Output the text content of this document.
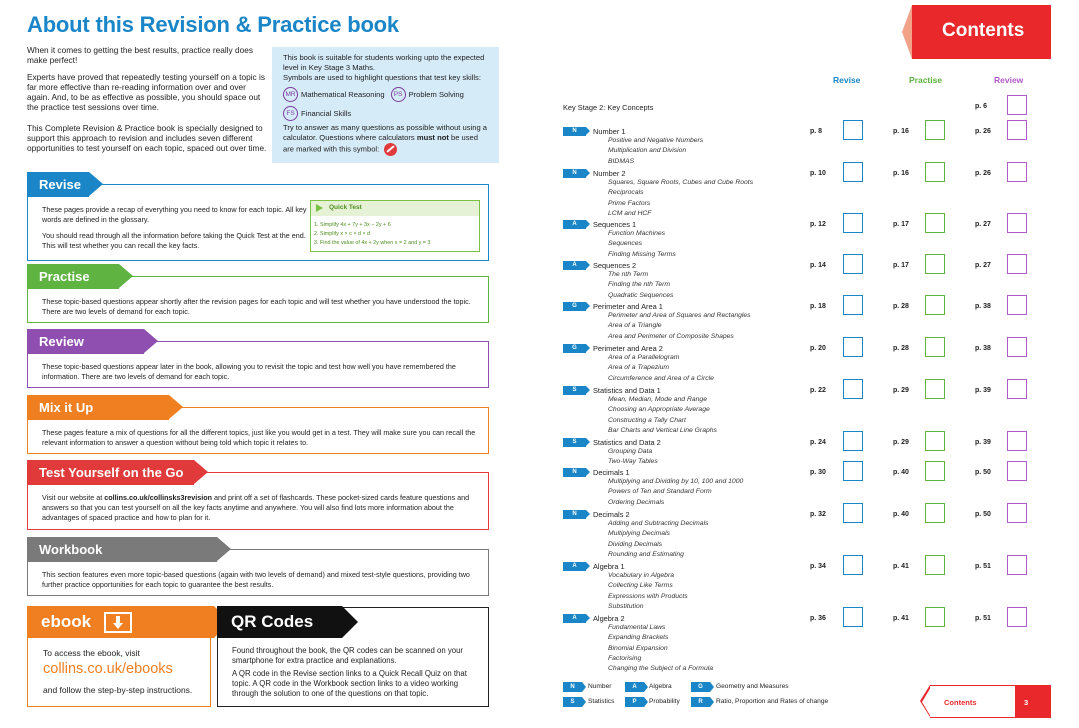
About this Revision & Practice book

When it comes to getting the best results, practice really does make perfect!

Experts have proved that repeatedly testing yourself on a topic is far more effective than re-reading information over and over again. And, to be as effective as possible, you should space out the practice test sessions over time.

This Complete Revision & Practice book is specially designed to support this approach to revision and includes seven different opportunities to test yourself on each topic, spaced out over time.

This book is suitable for students working upto the expected level in Key Stage 3 Maths.
Symbols are used to highlight questions that test key skills:
MR Mathematical Reasoning	PS Problem Solving
FS Financial Skills
Try to answer as many questions as possible without using a calculator. Questions where calculators must not be used are marked with this symbol:
These pages provide a recap of everything you need to know for each topic. All key words are defined in the glossary.
You should read through all the information before taking the Quick Test at the end. This will test whether you can recall the key facts.
Revise
Quick Test
1. Simplify 4x + 7y + 3x − 2y + 6
2. Simplify x × c × d × d
3. Find the value of 4x + 2y when x = 2 and y = 3
These topic-based questions appear shortly after the revision pages for each topic and will test whether you have understood the topic. There are two levels of demand for each topic.
Practise
These topic-based questions appear later in the book, allowing you to revisit the topic and test how well you have remembered the information. There are two levels of demand for each topic.
Review
These pages feature a mix of questions for all the different topics, just like you would get in a test. They will make sure you can recall the relevant information to answer a question without being told which topic it relates to.
Mix it Up
Visit our website at collins.co.uk/collinsks3revision and print off a set of flashcards. These pocket-sized cards feature questions and answers so that you can test yourself on all the key facts anytime and anywhere. You will also find lots more information about the advantages of spaced practice and how to plan for it.
Test Yourself on the Go
This section features even more topic-based questions (again with two levels of demand) and mixed test-style questions, providing two further practice opportunities for each topic to guarantee the best results.
Workbook
ebook
To access the ebook, visit
collins.co.uk/ebooks
and follow the step-by-step instructions.
QR Codes
Found throughout the book, the QR codes can be scanned on your smartphone for extra practice and explanations.
A QR code in the Revise section links to a Quick Recall Quiz on that topic. A QR code in the Workbook section links to a video working through the solution to one of the questions on that topic.
Contents
Revise	Practise	Review
Key Stage 2: Key Concepts	p. 6
N	Number 1
Positive and Negative Numbers
Multiplication and Division
BIDMAS
p. 8	p. 16	p. 26
N	Number 2
Squares, Square Roots, Cubes and Cube Roots
Reciprocals
Prime Factors
LCM and HCF
p. 10	p. 16	p. 26
A	Sequences 1
Function Machines
Sequences
Finding Missing Terms
p. 12	p. 17	p. 27
A	Sequences 2
The nth Term
Finding the nth Term
Quadratic Sequences
p. 14	p. 17	p. 27
G	Perimeter and Area 1
Perimeter and Area of Squares and Rectangles
Area of a Triangle
Area and Perimeter of Composite Shapes
p. 18	p. 28	p. 38
G	Perimeter and Area 2
Area of a Parallelogram
Area of a Trapezium
Circumference and Area of a Circle
p. 20	p. 28	p. 38
S	Statistics and Data 1
Mean, Median, Mode and Range
Choosing an Appropriate Average
Constructing a Tally Chart
Bar Charts and Vertical Line Graphs
p. 22	p. 29	p. 39
S	Statistics and Data 2
Grouping Data
Two-Way Tables
p. 24	p. 29	p. 39
N	Decimals 1
Multiplying and Dividing by 10, 100 and 1000
Powers of Ten and Standard Form
Ordering Decimals
p. 30	p. 40	p. 50
N	Decimals 2
Adding and Subtracting Decimals
Multiplying Decimals
Dividing Decimals
Rounding and Estimating
p. 32	p. 40	p. 50
A	Algebra 1
Vocabulary in Algebra
Collecting Like Terms
Expressions with Products
Substitution
p. 34	p. 41	p. 51
A	Algebra 2
Fundamental Laws
Expanding Brackets
Binomial Expansion
Factorising
Changing the Subject of a Formula
p. 36	p. 41	p. 51
N	Number	A	Algebra	G	Geometry and Measures
S	Statistics	P	Probability	R	Ratio, Proportion and Rates of change	Contents	3
